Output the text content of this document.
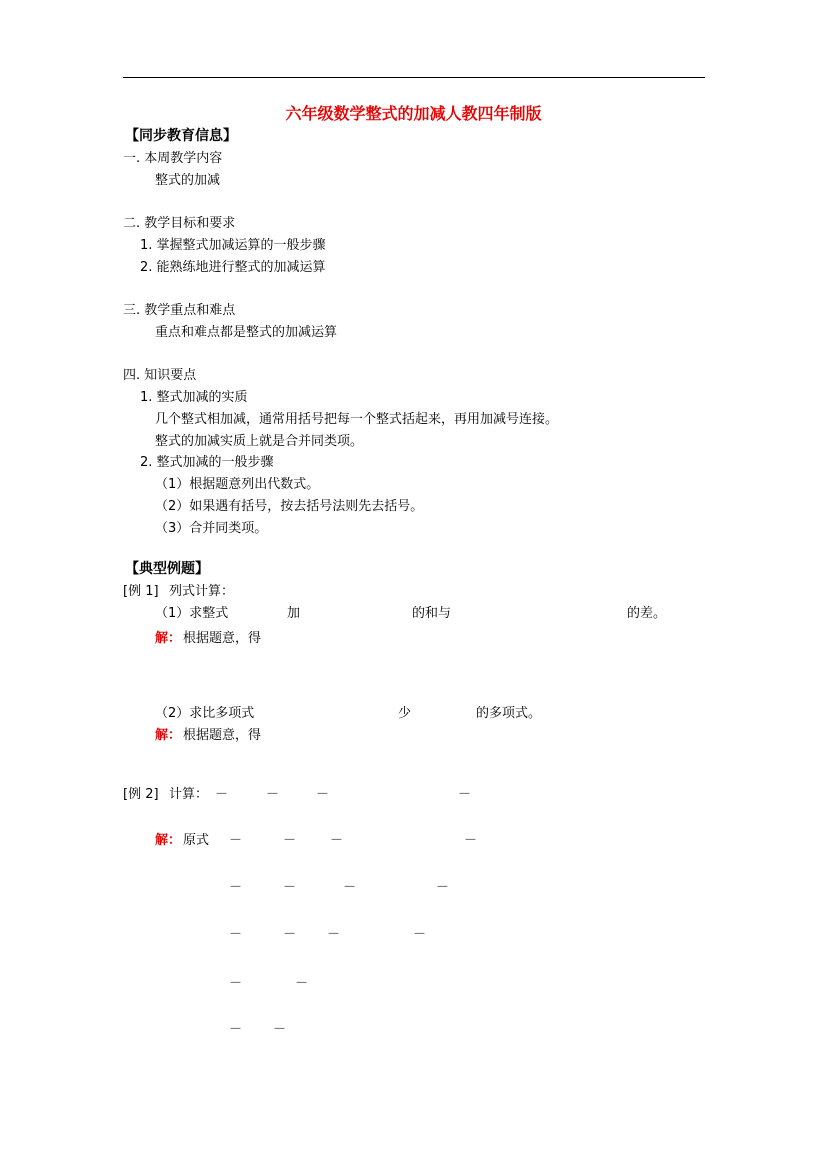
六年级数学整式的加减人教四年制版
【同步教育信息】
一. 本周教学内容
整式的加减
二. 教学目标和要求
1. 掌握整式加减运算的一般步骤
2. 能熟练地进行整式的加减运算
三. 教学重点和难点
重点和难点都是整式的加减运算
四. 知识要点
1. 整式加减的实质
几个整式相加减，通常用括号把每一个整式括起来，再用加减号连接。
整式的加减实质上就是合并同类项。
2. 整式加减的一般步骤
（1）根据题意列出代数式。
（2）如果遇有括号，按去括号法则先去括号。
（3）合并同类项。
【典型例题】
[例 1] 列式计算：
（1）求整式	加	的和与	的差。
解： 根据题意，得
（2）求比多项式	少	的多项式。
解： 根据题意，得
[例 2] 计算： －	－	－	－
解： 原式 －	－	－	－
－	－	－	－
－	－ －	－
－	－
－ －
